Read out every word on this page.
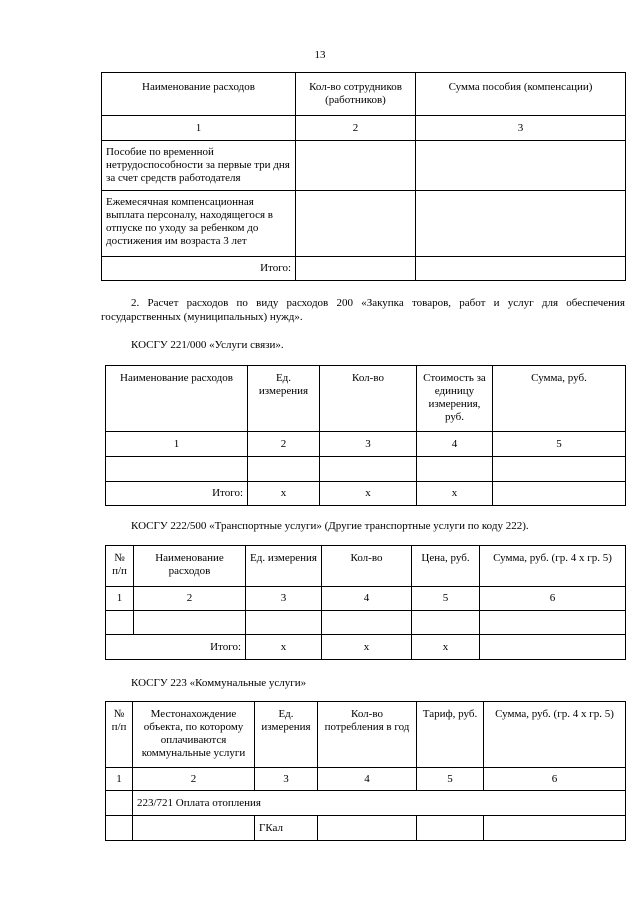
13
Наименование расходов	Кол-во сотрудников (работников)	Сумма пособия (компенсации)
1	2	3
Пособие по временной нетрудоспособности за первые три дня за счет средств работодателя		
Ежемесячная компенсационная выплата персоналу, находящегося в отпуске по уходу за ребенком до достижения им возраста 3 лет		
Итого:		

2. Расчет расходов по виду расходов 200 «Закупка товаров, работ и услуг для обеспечения государственных (муниципальных) нужд».

КОСГУ 221/000 «Услуги связи».

Наименование расходов	Ед. измерения	Кол-во	Стоимость за единицу измерения, руб.	Сумма, руб.
1	2	3	4	5

Итого:	х	х	х	

КОСГУ 222/500 «Транспортные услуги» (Другие транспортные услуги по коду 222).

№ п/п	Наименование расходов	Ед. измерения	Кол-во	Цена, руб.	Сумма, руб. (гр. 4 х гр. 5)
1	2	3	4	5	6

	Итого:	х	х	х	

КОСГУ 223 «Коммунальные услуги»

№ п/п	Местонахождение объекта, по которому оплачиваются коммунальные услуги	Ед. измерения	Кол-во потребления в год	Тариф, руб.	Сумма, руб. (гр. 4 х гр. 5)
1	2	3	4	5	6
	223/721 Оплата отопления				
		ГКал			
